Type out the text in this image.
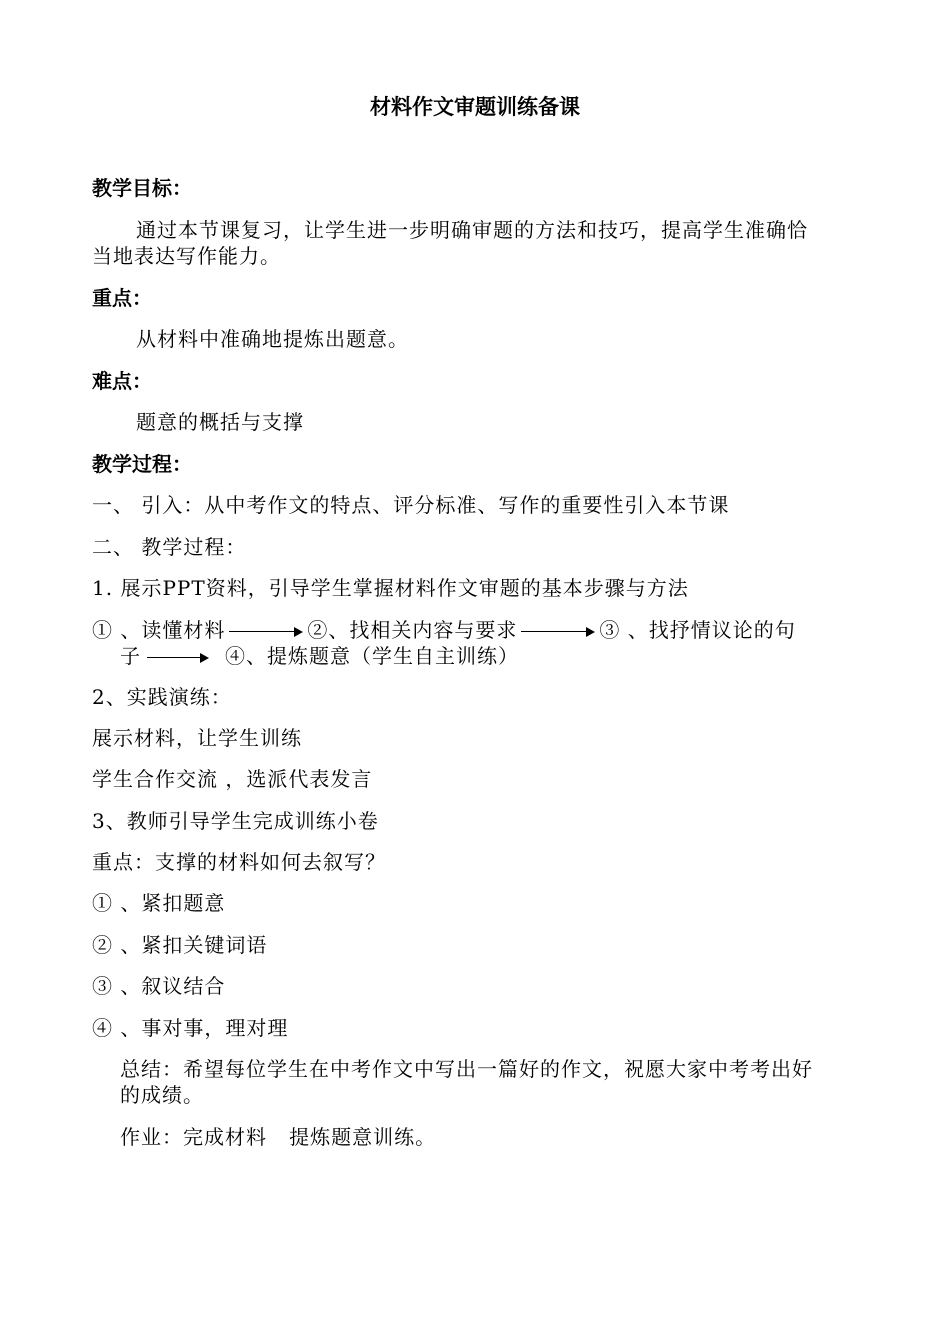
材料作文审题训练备课
教学目标：
通过本节课复习，让学生进一步明确审题的方法和技巧，提高学生准确恰
当地表达写作能力。
重点：
从材料中准确地提炼出题意。
难点：
题意的概括与支撑
教学过程：
一、 引入：从中考作文的特点、评分标准、写作的重要性引入本节课
二、 教学过程：
1. 展示PPT资料，引导学生掌握材料作文审题的基本步骤与方法
① 、读懂材料	②、找相关内容与要求	③ 、找抒情议论的句
子	④、提炼题意（学生自主训练）
2、实践演练：
展示材料，让学生训练
学生合作交流 ，选派代表发言
3、教师引导学生完成训练小卷
重点：支撑的材料如何去叙写？
① 、紧扣题意
② 、紧扣关键词语
③ 、叙议结合
④ 、事对事，理对理
总结：希望每位学生在中考作文中写出一篇好的作文，祝愿大家中考考出好
的成绩。
作业：完成材料   提炼题意训练。
